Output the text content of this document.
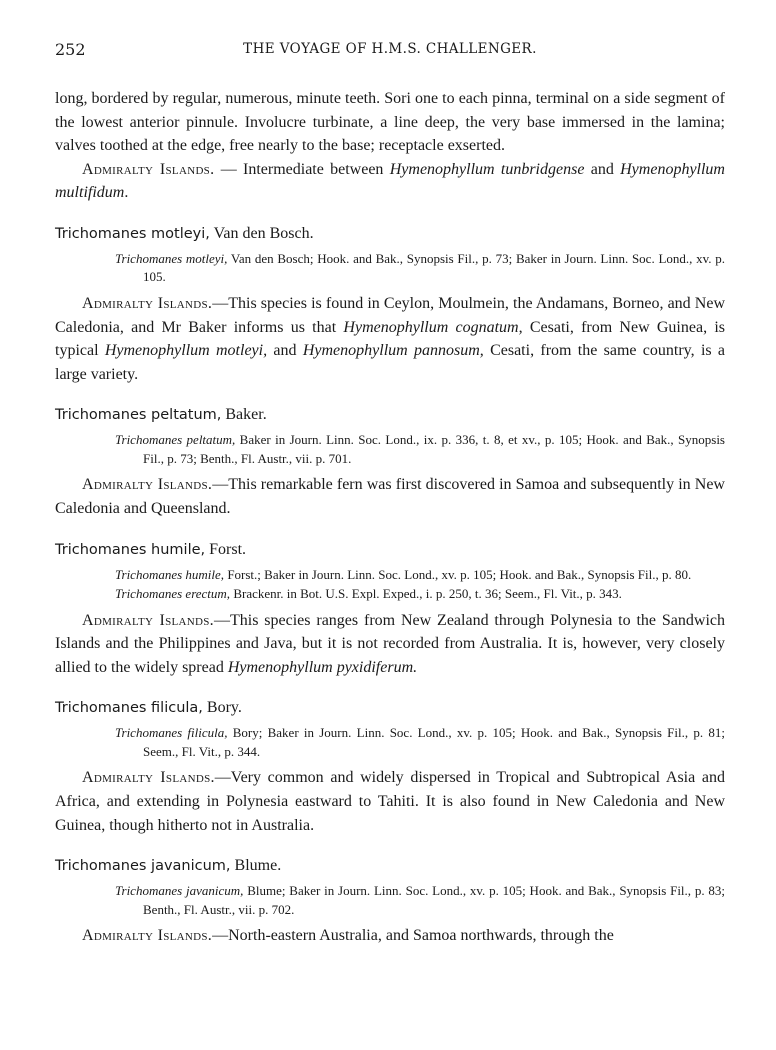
252	THE VOYAGE OF H.M.S. CHALLENGER.

long, bordered by regular, numerous, minute teeth. Sori one to each pinna, terminal on a side segment of the lowest anterior pinnule. Involucre turbinate, a line deep, the very base immersed in the lamina; valves toothed at the edge, free nearly to the base; receptacle exserted.

Admiralty Islands. — Intermediate between Hymenophyllum tunbridgense and Hymenophyllum multifidum.

Trichomanes motleyi, Van den Bosch.

Trichomanes motleyi, Van den Bosch; Hook. and Bak., Synopsis Fil., p. 73; Baker in Journ. Linn. Soc. Lond., xv. p. 105.

Admiralty Islands.—This species is found in Ceylon, Moulmein, the Andamans, Borneo, and New Caledonia, and Mr Baker informs us that Hymenophyllum cognatum, Cesati, from New Guinea, is typical Hymenophyllum motleyi, and Hymenophyllum pannosum, Cesati, from the same country, is a large variety.

Trichomanes peltatum, Baker.

Trichomanes peltatum, Baker in Journ. Linn. Soc. Lond., ix. p. 336, t. 8, et xv., p. 105; Hook. and Bak., Synopsis Fil., p. 73; Benth., Fl. Austr., vii. p. 701.

Admiralty Islands.—This remarkable fern was first discovered in Samoa and subsequently in New Caledonia and Queensland.

Trichomanes humile, Forst.

Trichomanes humile, Forst.; Baker in Journ. Linn. Soc. Lond., xv. p. 105; Hook. and Bak., Synopsis Fil., p. 80.

Trichomanes erectum, Brackenr. in Bot. U.S. Expl. Exped., i. p. 250, t. 36; Seem., Fl. Vit., p. 343.

Admiralty Islands.—This species ranges from New Zealand through Polynesia to the Sandwich Islands and the Philippines and Java, but it is not recorded from Australia. It is, however, very closely allied to the widely spread Hymenophyllum pyxidiferum.

Trichomanes filicula, Bory.

Trichomanes filicula, Bory; Baker in Journ. Linn. Soc. Lond., xv. p. 105; Hook. and Bak., Synopsis Fil., p. 81; Seem., Fl. Vit., p. 344.

Admiralty Islands.—Very common and widely dispersed in Tropical and Subtropical Asia and Africa, and extending in Polynesia eastward to Tahiti. It is also found in New Caledonia and New Guinea, though hitherto not in Australia.

Trichomanes javanicum, Blume.

Trichomanes javanicum, Blume; Baker in Journ. Linn. Soc. Lond., xv. p. 105; Hook. and Bak., Synopsis Fil., p. 83; Benth., Fl. Austr., vii. p. 702.

Admiralty Islands.—North-eastern Australia, and Samoa northwards, through the
